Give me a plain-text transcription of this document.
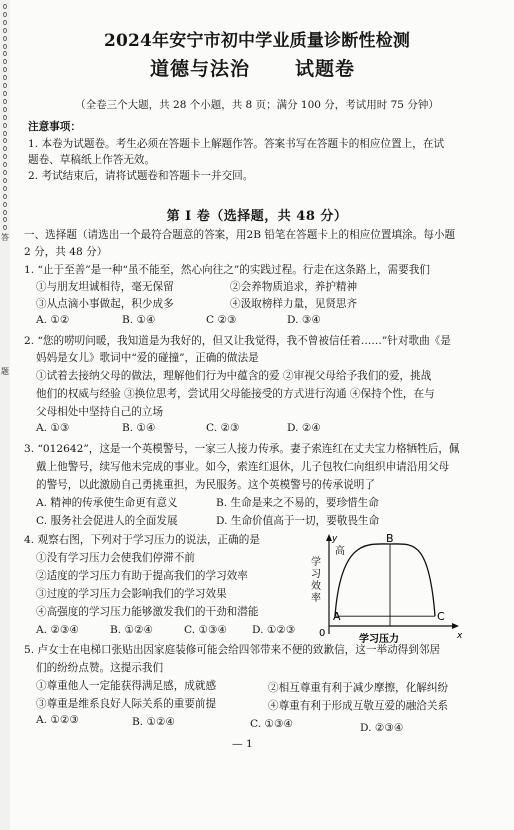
O
O
O
O
O
O
O
O
O
O
O
O
O
O
O
O
O
O
O
O
O
O
O
O
O
O
O
O
O
答
题
2024年安宁市初中学业质量诊断性检测
道德与法治 试题卷
（全卷三个大题，共 28 个小题，共 8 页；满分 100 分，考试用时 75 分钟）
注意事项：
1. 本卷为试题卷。考生必须在答题卡上解题作答。答案书写在答题卡的相应位置上，在试
题卷、草稿纸上作答无效。
2. 考试结束后，请将试题卷和答题卡一并交回。
第 I 卷（选择题，共 48 分）
一、选择题（请选出一个最符合题意的答案，用2B 铅笔在答题卡上的相应位置填涂。每小题
2 分，共 48 分）
1. “止于至善”是一种“虽不能至，然心向往之”的实践过程。行走在这条路上，需要我们
①与朋友坦诚相待，毫无保留	②会养物质追求，养护精神
③从点滴小事做起，积少成多	④汲取榜样力量，见贤思齐
A. ①②	B. ①④	C ②③	D. ③④
2. “您的唠叨问暖，我知道是为我好的，但又让我觉得，我不曾被信任着……”针对歌曲《是
妈妈是女儿》歌词中“爱的碰撞”，正确的做法是
①试着去接纳父母的做法，理解他们行为中蕴含的爱 ②审视父母给予我们的爱，挑战
他们的权威与经验 ③换位思考，尝试用父母能接受的方式进行沟通 ④保持个性，在与
父母相处中坚持自己的立场
A. ①③	B. ①④	C. ②③	D. ②④
3. “012642”，这是一个英模警号，一家三人接力传承。妻子索连红在丈夫宝力格牺牲后，佩
戴上他警号，续写他未完成的事业。如今，索连红退休，儿子包牧仁向组织申请沿用父母
的警号，以此激励自己勇挑重担，为民服务。这个英模警号的传承说明了
A. 精神的传承使生命更有意义	B. 生命是来之不易的，要珍惜生命
C. 服务社会促进人的全面发展	D. 生命价值高于一切，要敬畏生命
4. 观察右图，下列对于学习压力的说法，正确的是
①没有学习压力会使我们停滞不前
②适度的学习压力有助于提高我们的学习效率
③过度的学习压力会影响我们的学习效果
④高强度的学习压力能够激发我们的干劲和潜能
A. ②③④	B. ①②④	C. ①③④ D. ①②③
A
B
C
y
x
0
高
学习压力
学习效率
5. 卢女士在电梯口张贴出因家庭装修可能会给四邻带来不便的致歉信，这一举动得到邻居
们的纷纷点赞。这提示我们
①尊重他人一定能获得满足感，成就感	②相互尊重有利于减少摩擦，化解纠纷
③尊重是维系良好人际关系的重要前提	④尊重有利于形成互敬互爱的融洽关系
A. ①②③	B. ①②④	C. ①③④	D. ②③④
— 1
